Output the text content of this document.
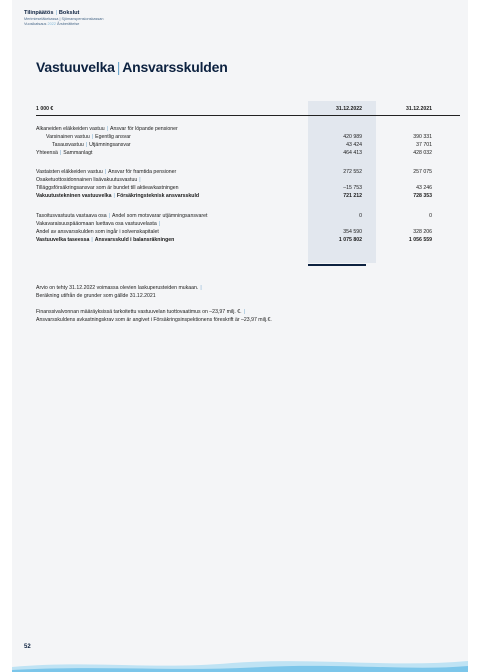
Tilinpäätös | Bokslut
Merimieseläkekassa | Sjömanspensionskassan
Vuosikatsaus 2022 Årsberättelse
Vastuuvelka | Ansvarsskulden
1 000 €	31.12.2022	31.12.2021
Alkaneiden eläkkeiden vastuu | Ansvar för löpande pensioner
Varsinainen vastuu | Egentlig ansvar	420 989	390 331
Tasausvastuu | Utjämningsansvar	43 424	37 701
Yhteensä | Sammanlagt	464 413	428 032
Vastaisten eläkkeiden vastuu | Ansvar för framtida pensioner	272 552	257 075
Osaketuottosidonnainen lisävakuutusvastuu |
Tilläggsförsäkringsansvar som är bundet till aktieavkastningen	–15 753	43 246
Vakuutustekninen vastuuvelka | Försäkringsteknisk ansvarsskuld	721 212	728 353
Tasoitusvastuuta vastaava osa | Andel som motsvarar utjämningsansvaret	0	0
Vakavaraisuuspääomaan luettava osa vastuuvelasta |
Andel av ansvarsskulden som ingår i solvenskapitalet	354 590	328 206
Vastuuvelka taseessa | Ansvarsskuld i balansräkningen	1 075 802	1 056 559
Arvio on tehty 31.12.2022 voimassa olevien laskuperusteiden mukaan. |
Beräkning utifrån de grunder som gällde 31.12.2021
Finanssivalvonnan määräyksissä tarkoitettu vastuuvelan tuottovaatimus on –23,97 milj. €. |
Ansvarsskuldens avkastningskrav som är angivet i Försäkringsinspektionens föreskrift är –23,97 milj.€.
52
